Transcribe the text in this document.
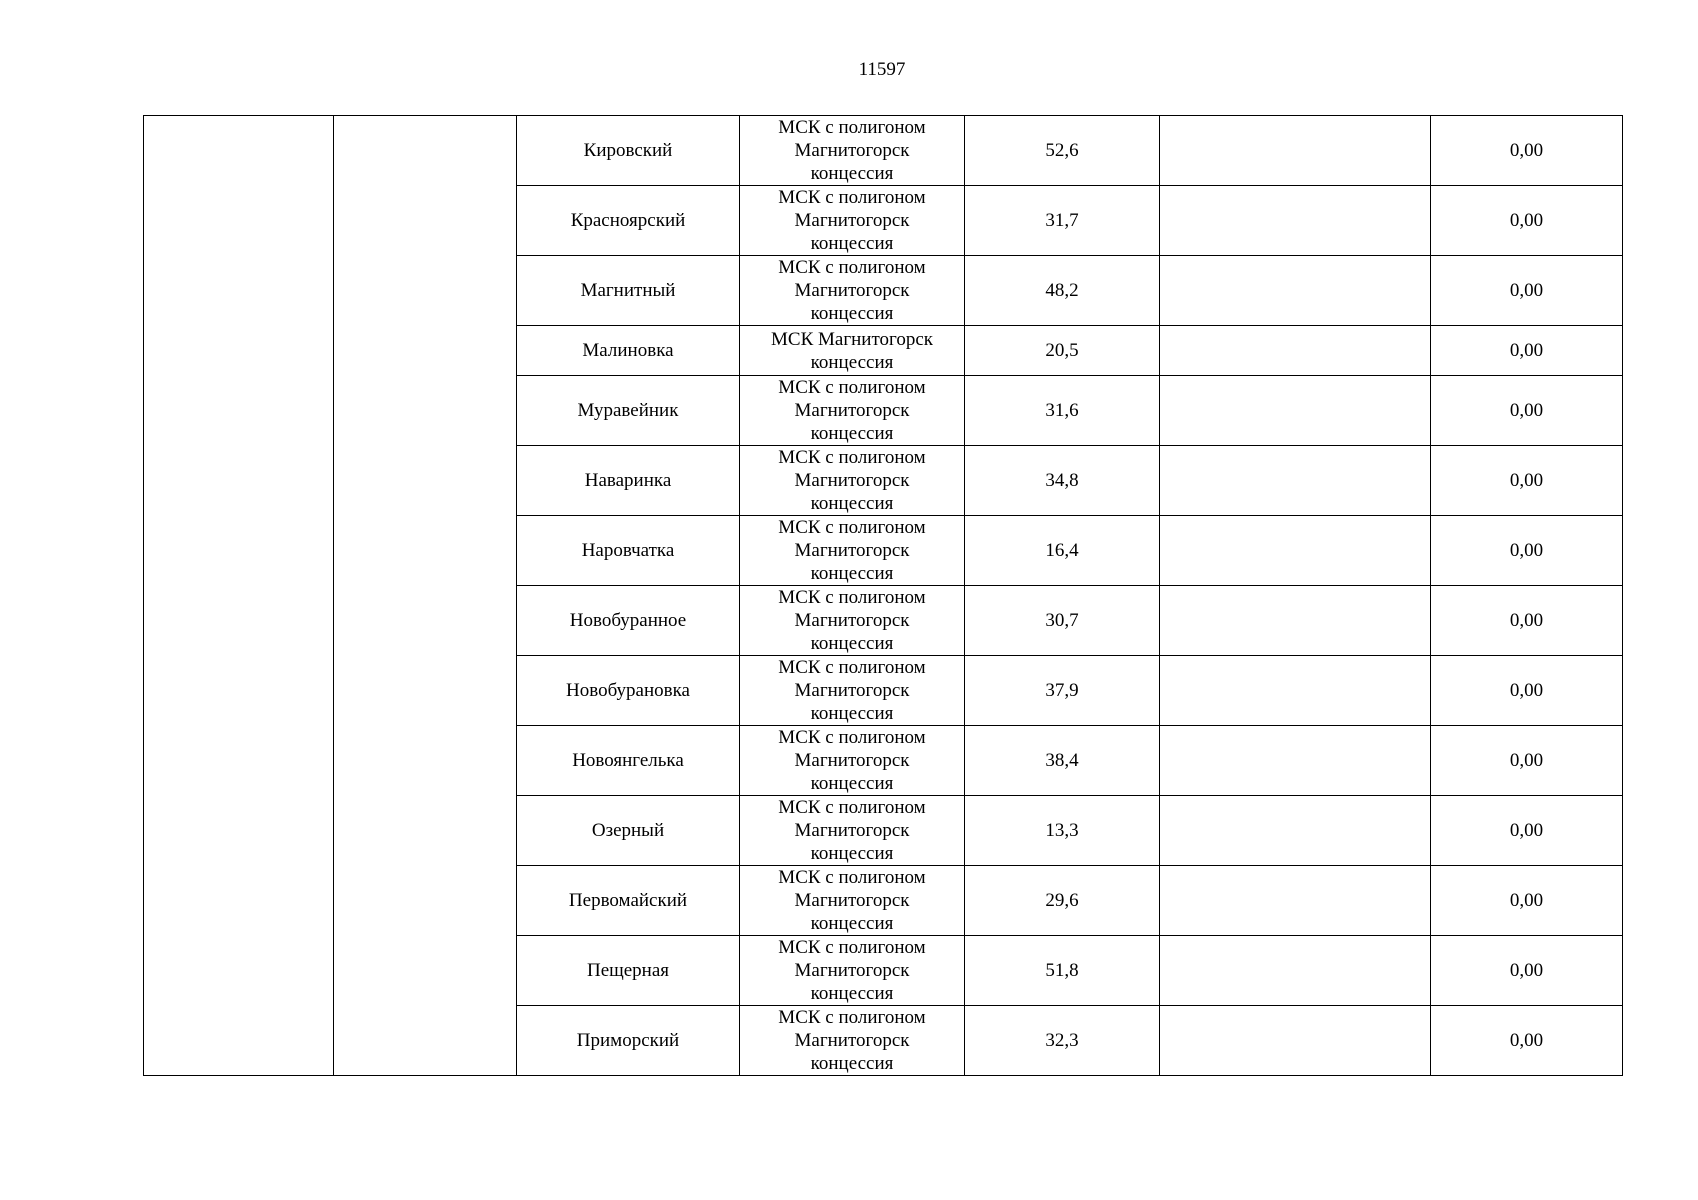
11597
		Кировский	МСК с полигоном
Магнитогорск
концессия	52,6		0,00
		Красноярский	МСК с полигоном
Магнитогорск
концессия	31,7		0,00
		Магнитный	МСК с полигоном
Магнитогорск
концессия	48,2		0,00
		Малиновка	МСК Магнитогорск
концессия	20,5		0,00
		Муравейник	МСК с полигоном
Магнитогорск
концессия	31,6		0,00
		Наваринка	МСК с полигоном
Магнитогорск
концессия	34,8		0,00
		Наровчатка	МСК с полигоном
Магнитогорск
концессия	16,4		0,00
		Новобуранное	МСК с полигоном
Магнитогорск
концессия	30,7		0,00
		Новобурановка	МСК с полигоном
Магнитогорск
концессия	37,9		0,00
		Новоянгелька	МСК с полигоном
Магнитогорск
концессия	38,4		0,00
		Озерный	МСК с полигоном
Магнитогорск
концессия	13,3		0,00
		Первомайский	МСК с полигоном
Магнитогорск
концессия	29,6		0,00
		Пещерная	МСК с полигоном
Магнитогорск
концессия	51,8		0,00
		Приморский	МСК с полигоном
Магнитогорск
концессия	32,3		0,00
